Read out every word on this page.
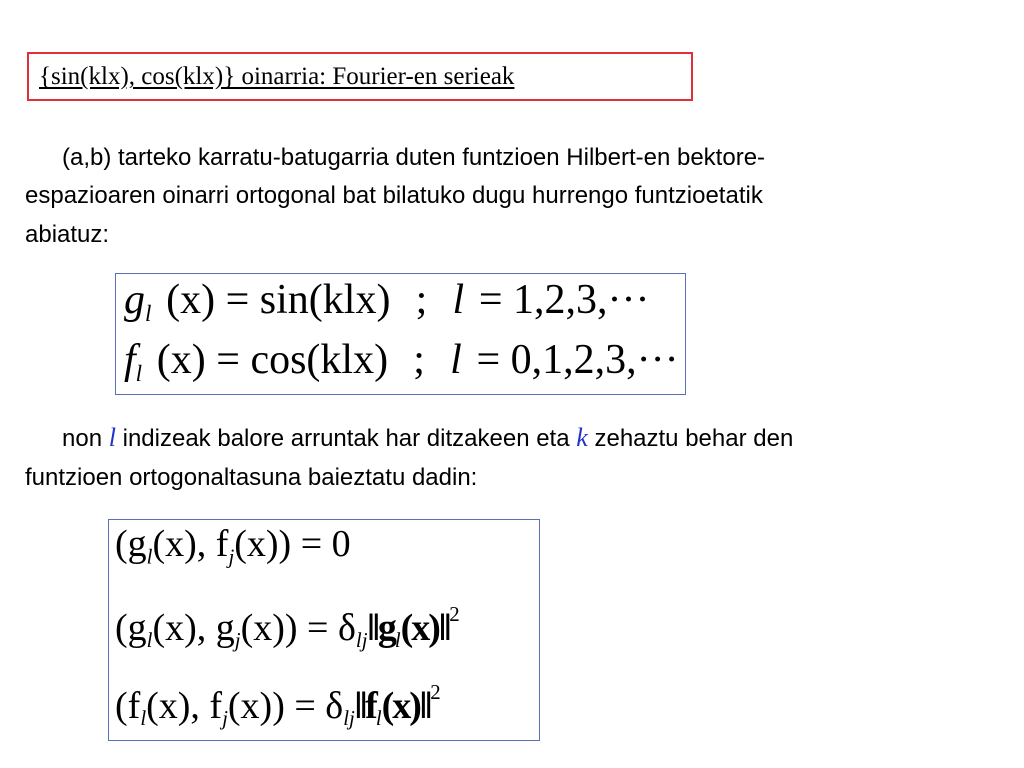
{sin(klx), cos(klx)} oinarria: Fourier-en serieak
(a,b) tarteko karratu-batugarria duten funtzioen Hilbert-en bektore-
espazioaren oinarri ortogonal bat bilatuko dugu hurrengo funtzioetatik
abiatuz:
$g_l$ (x) = sin(klx) ; l = 1,2,3,···
$f_l$ (x) = cos(klx) ; l = 0,1,2,3,···
non l indizeak balore arruntak har ditzakeen eta k zehaztu behar den
funtzioen ortogonaltasuna baieztatu dadin:
($g_l(x)$, $f_j(x)) = 0$
($g_l(x)$, $g_j(x)$) = $\delta_{lj}‖g_l(x)‖^2$
($f_l(x)$, $f_j(x)$) = $\delta_{lj}‖f_l(x)‖^2$
